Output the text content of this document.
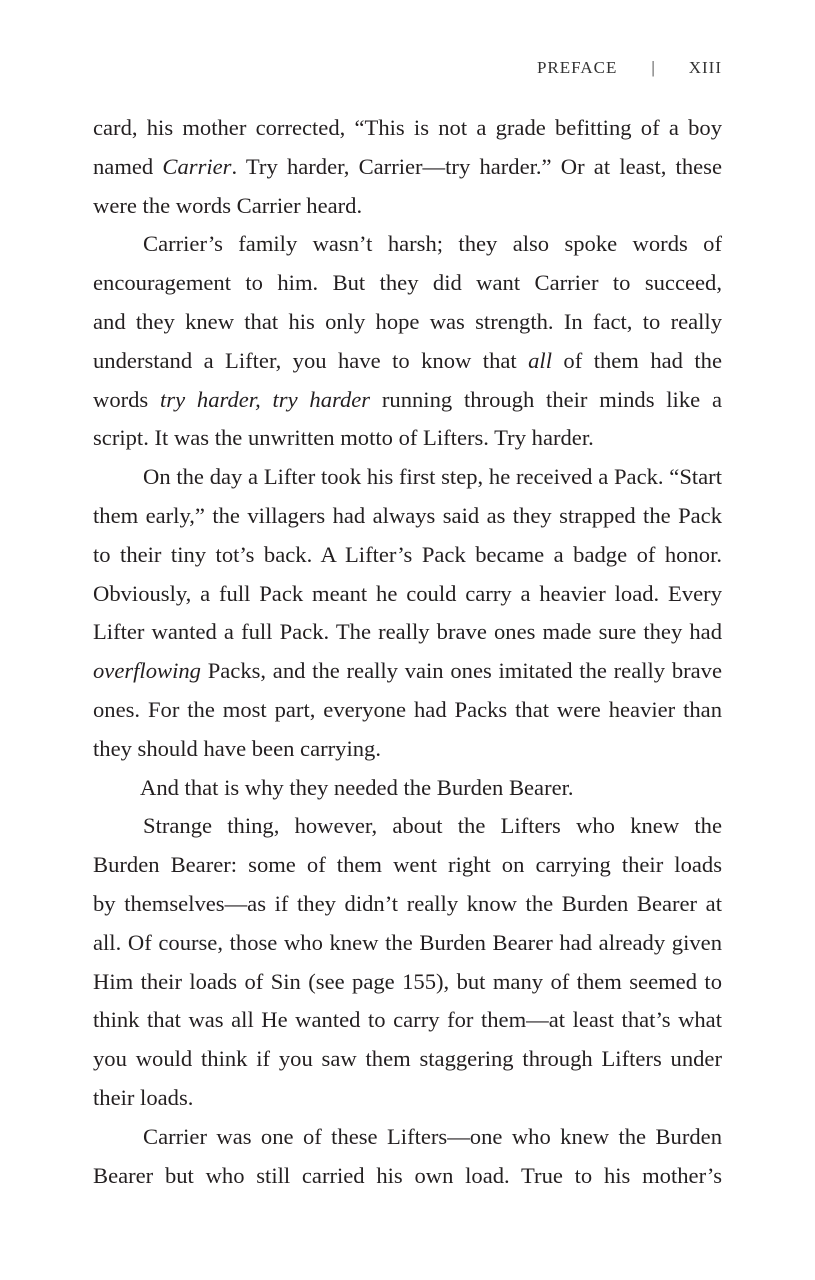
PREFACE | XIII
card, his mother corrected, “This is not a grade befitting of a boy
named Carrier. Try harder, Carrier—try harder.” Or at least, these
were the words Carrier heard.
Carrier’s family wasn’t harsh; they also spoke words of
encouragement to him. But they did want Carrier to succeed,
and they knew that his only hope was strength. In fact, to really
understand a Lifter, you have to know that all of them had the
words try harder, try harder running through their minds like a
script. It was the unwritten motto of Lifters. Try harder.
On the day a Lifter took his first step, he received a Pack. “Start
them early,” the villagers had always said as they strapped the Pack
to their tiny tot’s back. A Lifter’s Pack became a badge of honor.
Obviously, a full Pack meant he could carry a heavier load. Every
Lifter wanted a full Pack. The really brave ones made sure they had
overflowing Packs, and the really vain ones imitated the really brave
ones. For the most part, everyone had Packs that were heavier than
they should have been carrying.
And that is why they needed the Burden Bearer.
Strange thing, however, about the Lifters who knew the
Burden Bearer: some of them went right on carrying their loads
by themselves—as if they didn’t really know the Burden Bearer at
all. Of course, those who knew the Burden Bearer had already given
Him their loads of Sin (see page 155), but many of them seemed to
think that was all He wanted to carry for them—at least that’s what
you would think if you saw them staggering through Lifters under
their loads.
Carrier was one of these Lifters—one who knew the Burden
Bearer but who still carried his own load. True to his mother’s
